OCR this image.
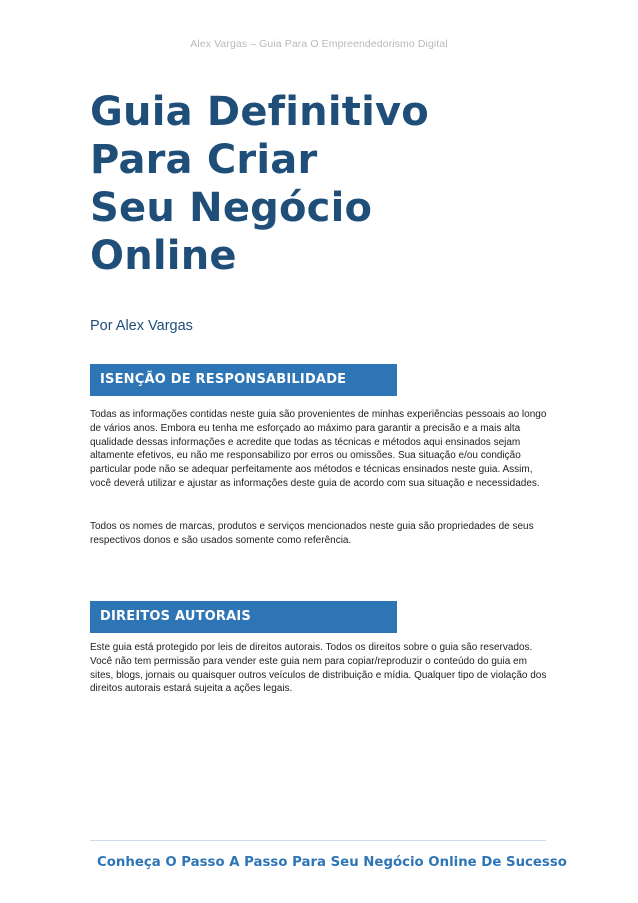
Alex Vargas – Guia Para O Empreendedorismo Digital
Guia Definitivo
Para Criar
Seu Negócio
Online
Por Alex Vargas
ISENÇÃO DE RESPONSABILIDADE

Todas as informações contidas neste guia são provenientes de minhas experiências pessoais ao longo de vários anos. Embora eu tenha me esforçado ao máximo para garantir a precisão e a mais alta qualidade dessas informações e acredite que todas as técnicas e métodos aqui ensinados sejam altamente efetivos, eu não me responsabilizo por erros ou omissões. Sua situação e/ou condição particular pode não se adequar perfeitamente aos métodos e técnicas ensinados neste guia. Assim, você deverá utilizar e ajustar as informações deste guia de acordo com sua situação e necessidades.

Todos os nomes de marcas, produtos e serviços mencionados neste guia são propriedades de seus respectivos donos e são usados somente como referência.

DIREITOS AUTORAIS

Este guia está protegido por leis de direitos autorais. Todos os direitos sobre o guia são reservados. Você não tem permissão para vender este guia nem para copiar/reproduzir o conteúdo do guia em sites, blogs, jornais ou quaisquer outros veículos de distribuição e mídia. Qualquer tipo de violação dos direitos autorais estará sujeita a ações legais.

Conheça O Passo A Passo Para Seu Negócio Online De Sucesso
